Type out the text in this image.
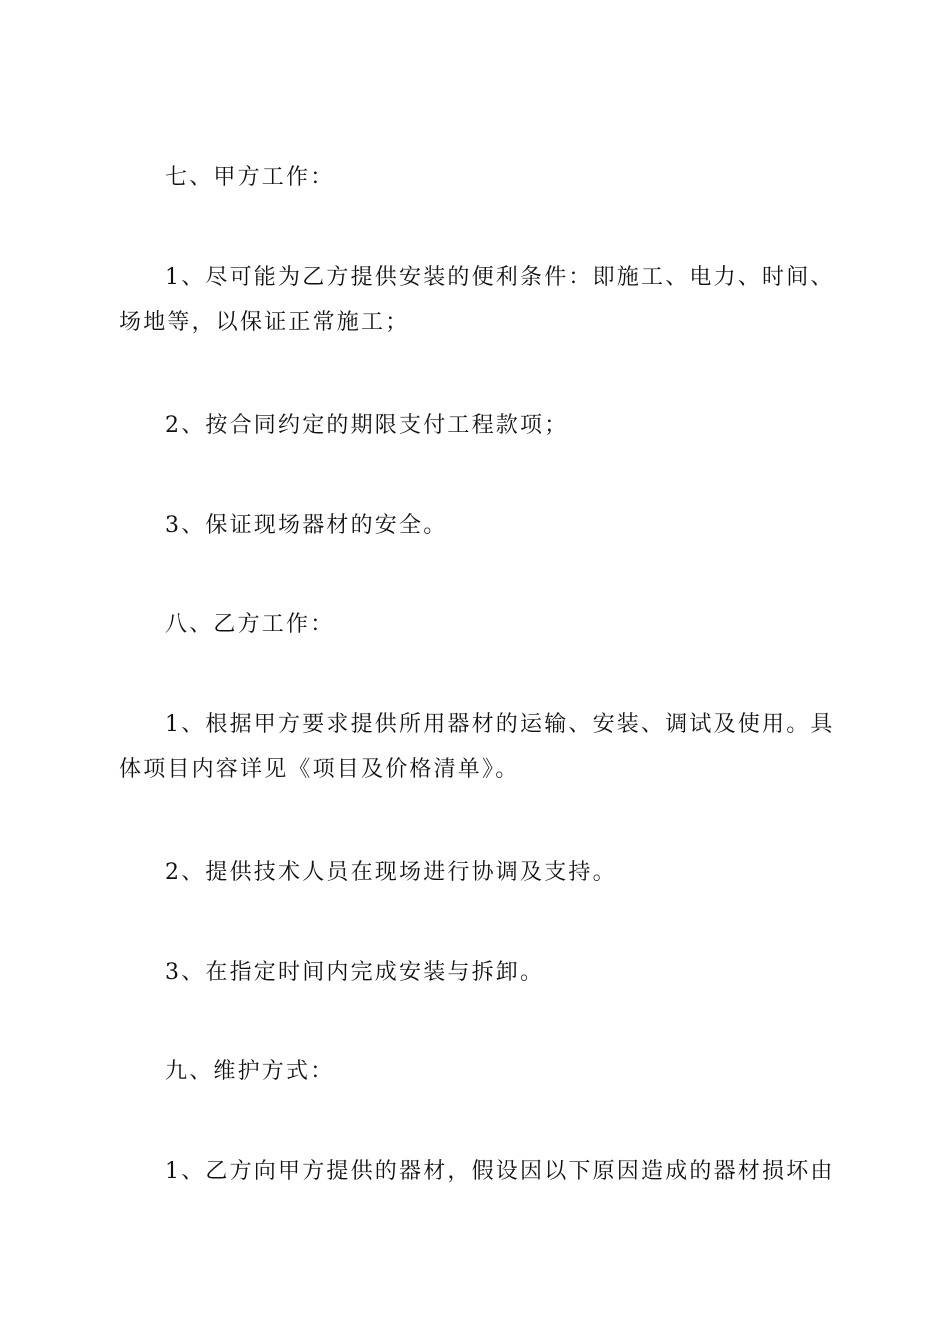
七、甲方工作：

1、尽可能为乙方提供安装的便利条件：即施工、电力、时间、场地等，以保证正常施工；

2、按合同约定的期限支付工程款项；

3、保证现场器材的安全。

八、乙方工作：

1、根据甲方要求提供所用器材的运输、安装、调试及使用。具体项目内容详见《项目及价格清单》。

2、提供技术人员在现场进行协调及支持。

3、在指定时间内完成安装与拆卸。

九、维护方式：

1、乙方向甲方提供的器材，假设因以下原因造成的器材损坏由
